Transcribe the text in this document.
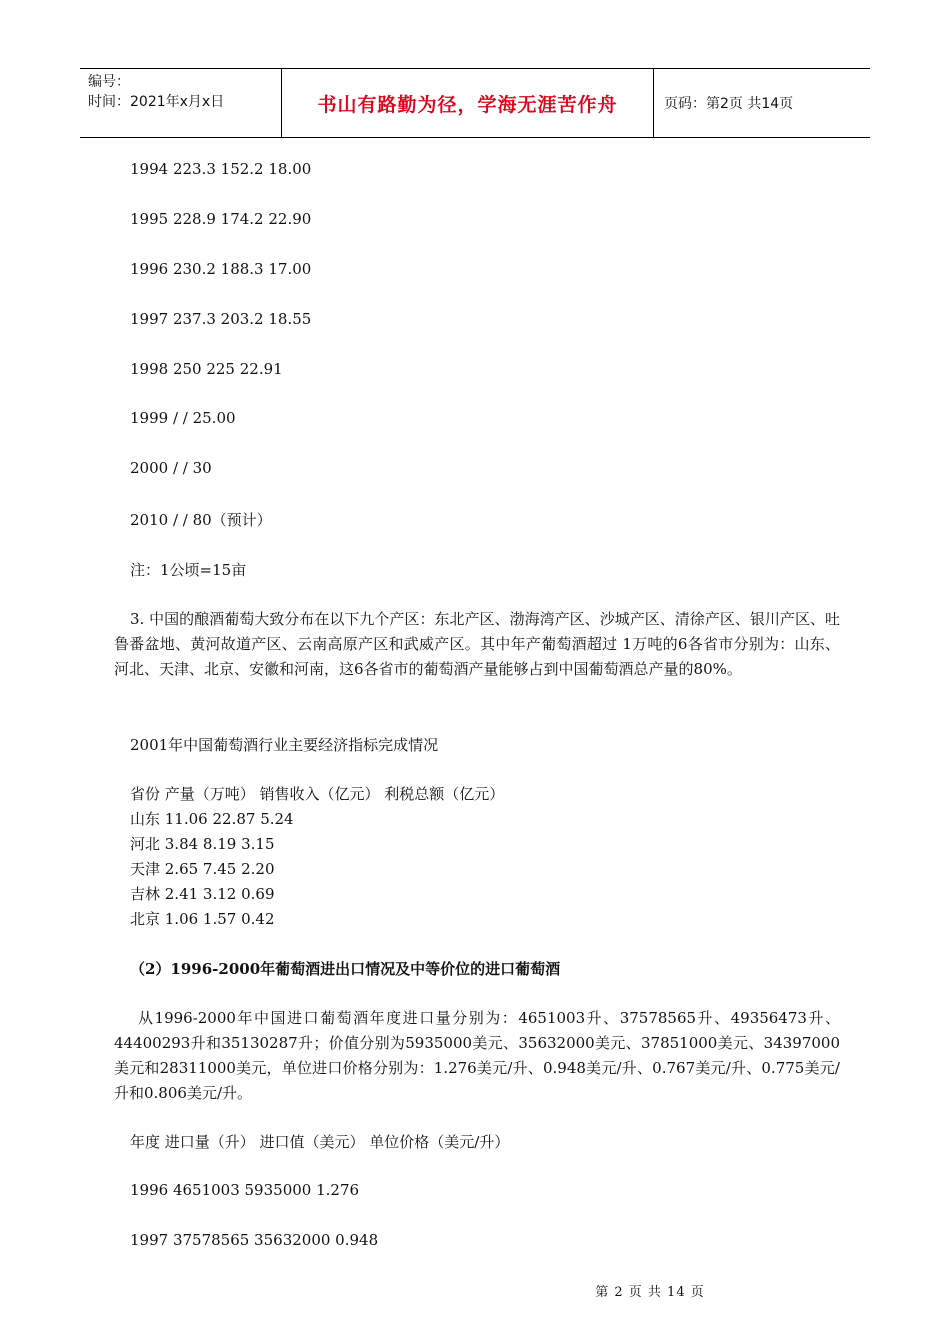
编号：
时间：2021年x月x日	书山有路勤为径，学海无涯苦作舟	页码：第2页 共14页
1994 223.3 152.2 18.00
1995 228.9 174.2 22.90
1996 230.2 188.3 17.00
1997 237.3 203.2 18.55
1998 250 225 22.91
1999 / / 25.00
2000 / / 30
2010 / / 80（预计）
注：1公顷=15亩
3. 中国的酿酒葡萄大致分布在以下九个产区：东北产区、渤海湾产区、沙城产区、清徐产区、银川产区、吐鲁番盆地、黄河故道产区、云南高原产区和武威产区。其中年产葡萄酒超过 1万吨的6各省市分别为：山东、河北、天津、北京、安徽和河南，这6各省市的葡萄酒产量能够占到中国葡萄酒总产量的80%。
2001年中国葡萄酒行业主要经济指标完成情况
省份 产量（万吨） 销售收入（亿元） 利税总额（亿元）
山东 11.06 22.87 5.24
河北 3.84 8.19 3.15
天津 2.65 7.45 2.20
吉林 2.41 3.12 0.69
北京 1.06 1.57 0.42
（2）1996-2000年葡萄酒进出口情况及中等价位的进口葡萄酒
从1996-2000年中国进口葡萄酒年度进口量分别为：4651003升、37578565升、49356473升、44400293升和35130287升；价值分别为5935000美元、35632000美元、37851000美元、34397000美元和28311000美元，单位进口价格分别为：1.276美元/升、0.948美元/升、0.767美元/升、0.775美元/升和0.806美元/升。
年度 进口量（升） 进口值（美元） 单位价格（美元/升）
1996 4651003 5935000 1.276
1997 37578565 35632000 0.948
第 2 页 共 14 页
